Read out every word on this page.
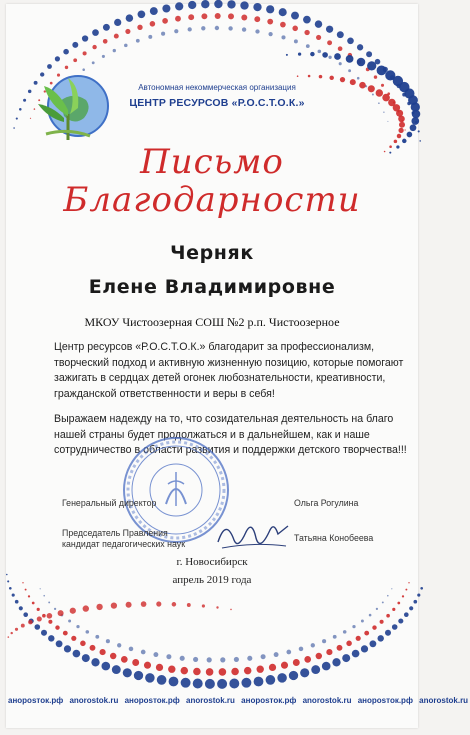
Автономная некоммерческая организация
ЦЕНТР РЕСУРСОВ «Р.О.С.Т.О.К.»
Письмо
Благодарности
Черняк
Елене Владимировне
МКОУ Чистоозерная СОШ №2 р.п. Чистоозерное
Центр ресурсов «Р.О.С.Т.О.К.» благодарит за профессионализм,
творческий подход и активную жизненную позицию, которые помогают
зажигать в сердцах детей огонек любознательности, креативности,
гражданской ответственности и веры в себя!
Выражаем надежду на то, что созидательная деятельность на благо
нашей страны будет продолжаться и в дальнейшем, как и наше
сотрудничество в области развития и поддержки детского творчества!!!
Генеральный директор	Ольга Рогулина
Председатель Правления
кандидат педагогических наук
Татьяна Конобеева
г. Новосибирск
апрель 2019 года
анорosток.рф anorostok.ru анорosток.рф anorostok.ru анорosток.рф anorostok.ru анорosток.рф anorostok.ru
